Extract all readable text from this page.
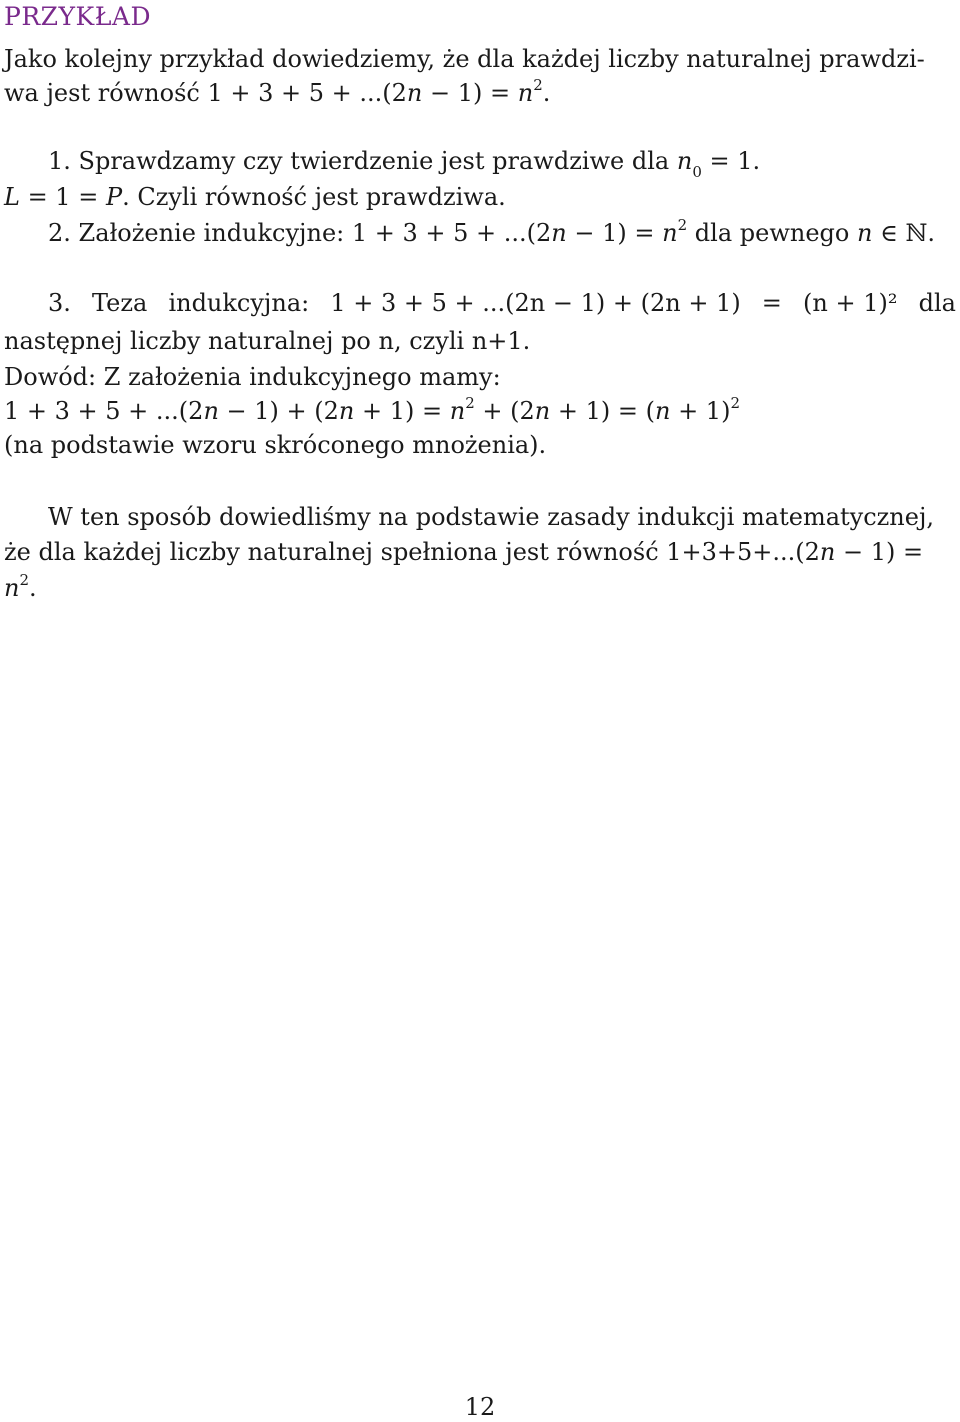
PRZYKŁAD
Jako kolejny przykład dowiedziemy, że dla każdej liczby naturalnej prawdzi-
wa jest równość $1 + 3 + 5 + ...(2n - 1) = n^2$.
1. Sprawdzamy czy twierdzenie jest prawdziwe dla $n_0 = 1$.
L = 1 = P. Czyli równość jest prawdziwa.
2. Założenie indukcyjne: $1 + 3 + 5 + ...(2n - 1) = n^2$ dla pewnego n ∈ ℕ.
3. Teza indukcyjna: 1 + 3 + 5 + ...(2n − 1) + (2n + 1) = (n + 1)² dla
następnej liczby naturalnej po n, czyli n+1.
Dowód: Z założenia indukcyjnego mamy:
$1 + 3 + 5 + ...(2n - 1) + (2n + 1) = n^2 + (2n + 1) = (n + 1)^2$
(na podstawie wzoru skróconego mnożenia).
W ten sposób dowiedliśmy na podstawie zasady indukcji matematycznej,
że dla każdej liczby naturalnej spełniona jest równość 1+3+5+...(2n − 1) =
$n^2$.
12
